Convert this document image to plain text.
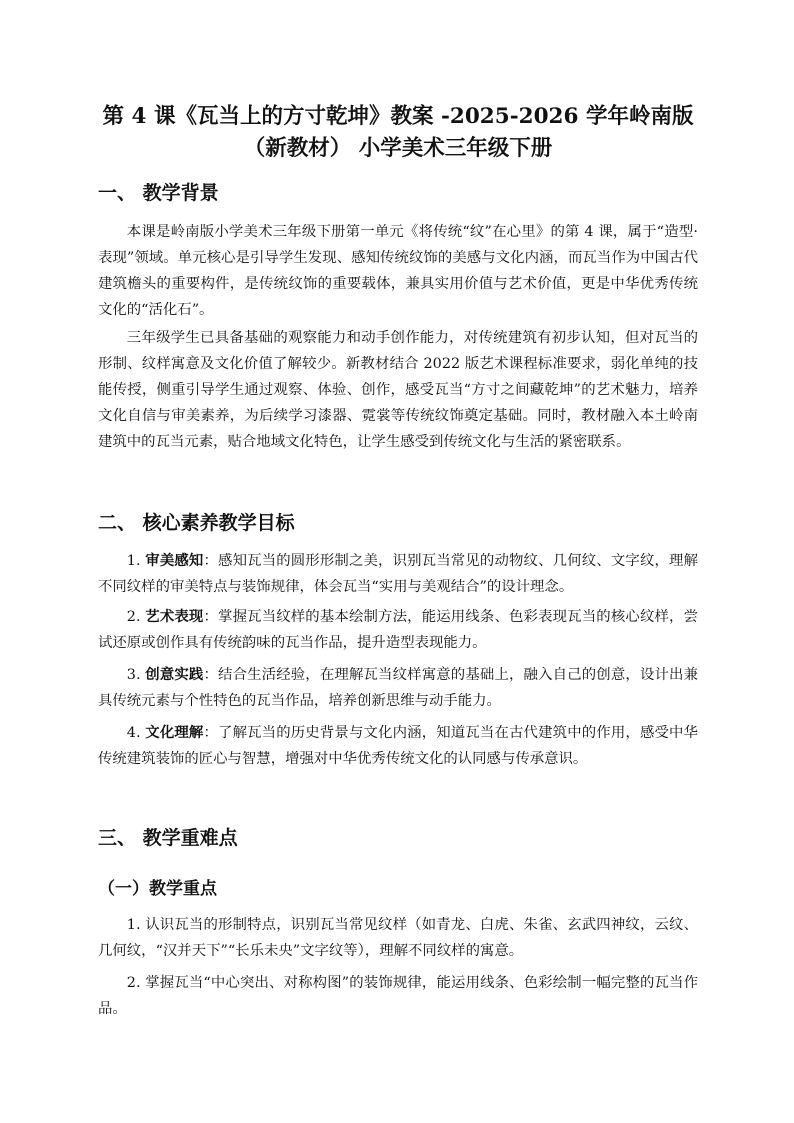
第 4 课《瓦当上的方寸乾坤》教案 -2025-2026 学年岭南版（新教材） 小学美术三年级下册
一、 教学背景

本课是岭南版小学美术三年级下册第一单元《将传统“纹”在心里》的第 4 课，属于“造型·表现”领域。单元核心是引导学生发现、感知传统纹饰的美感与文化内涵，而瓦当作为中国古代建筑檐头的重要构件，是传统纹饰的重要载体，兼具实用价值与艺术价值，更是中华优秀传统文化的“活化石”。

三年级学生已具备基础的观察能力和动手创作能力，对传统建筑有初步认知，但对瓦当的形制、纹样寓意及文化价值了解较少。新教材结合 2022 版艺术课程标准要求，弱化单纯的技能传授，侧重引导学生通过观察、体验、创作，感受瓦当“方寸之间藏乾坤”的艺术魅力，培养文化自信与审美素养，为后续学习漆器、霓裳等传统纹饰奠定基础。同时，教材融入本土岭南建筑中的瓦当元素，贴合地域文化特色，让学生感受到传统文化与生活的紧密联系。

二、 核心素养教学目标

1. 审美感知：感知瓦当的圆形形制之美，识别瓦当常见的动物纹、几何纹、文字纹，理解不同纹样的审美特点与装饰规律，体会瓦当“实用与美观结合”的设计理念。

2. 艺术表现：掌握瓦当纹样的基本绘制方法，能运用线条、色彩表现瓦当的核心纹样，尝试还原或创作具有传统韵味的瓦当作品，提升造型表现能力。

3. 创意实践：结合生活经验，在理解瓦当纹样寓意的基础上，融入自己的创意，设计出兼具传统元素与个性特色的瓦当作品，培养创新思维与动手能力。

4. 文化理解：了解瓦当的历史背景与文化内涵，知道瓦当在古代建筑中的作用，感受中华传统建筑装饰的匠心与智慧，增强对中华优秀传统文化的认同感与传承意识。

三、 教学重难点
（一）教学重点

1. 认识瓦当的形制特点，识别瓦当常见纹样（如青龙、白虎、朱雀、玄武四神纹，云纹、几何纹，“汉并天下”“长乐未央”文字纹等），理解不同纹样的寓意。

2. 掌握瓦当“中心突出、对称构图”的装饰规律，能运用线条、色彩绘制一幅完整的瓦当作品。
